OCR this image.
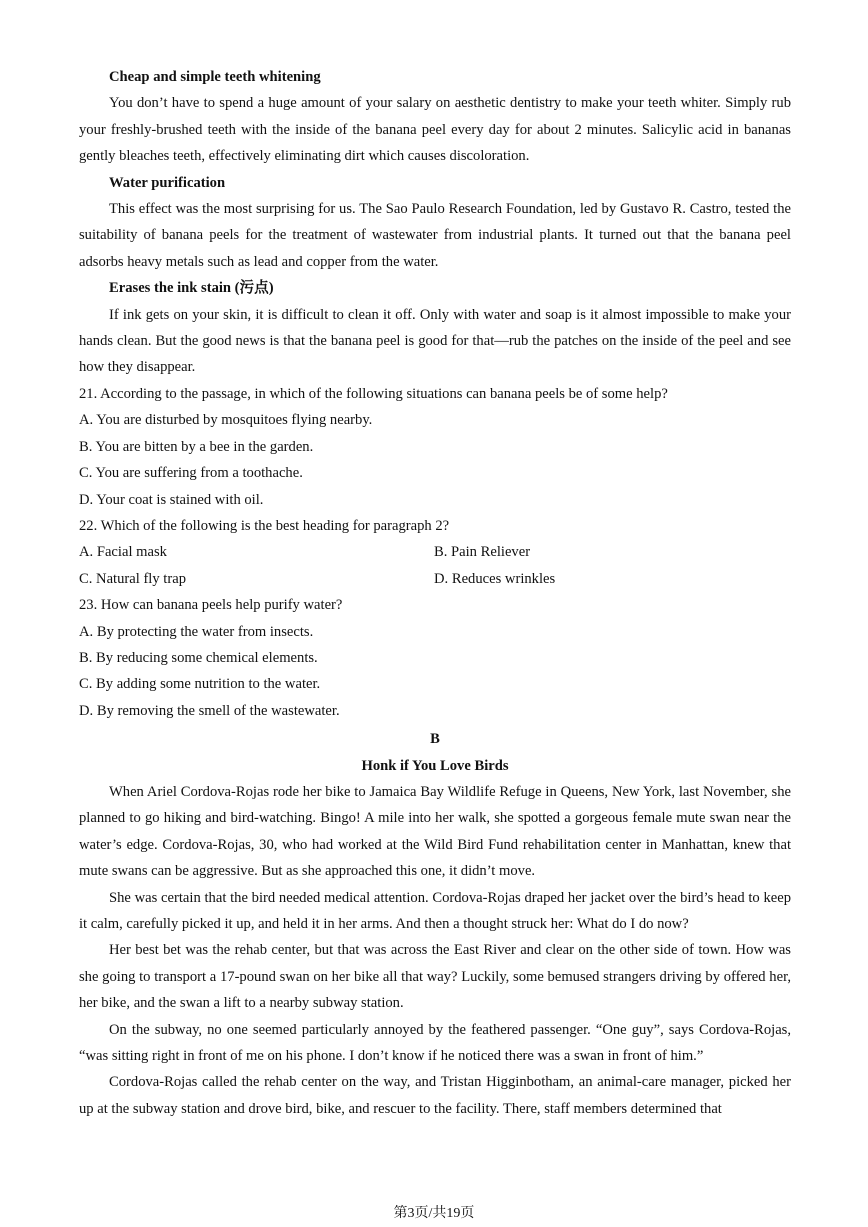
Cheap and simple teeth whitening

You don’t have to spend a huge amount of your salary on aesthetic dentistry to make your teeth whiter. Simply rub your freshly-brushed teeth with the inside of the banana peel every day for about 2 minutes. Salicylic acid in bananas gently bleaches teeth, effectively eliminating dirt which causes discoloration.

Water purification

This effect was the most surprising for us. The Sao Paulo Research Foundation, led by Gustavo R. Castro, tested the suitability of banana peels for the treatment of wastewater from industrial plants. It turned out that the banana peel adsorbs heavy metals such as lead and copper from the water.

Erases the ink stain (污点)

If ink gets on your skin, it is difficult to clean it off. Only with water and soap is it almost impossible to make your hands clean. But the good news is that the banana peel is good for that—rub the patches on the inside of the peel and see how they disappear.

21. According to the passage, in which of the following situations can banana peels be of some help?
A. You are disturbed by mosquitoes flying nearby.
B. You are bitten by a bee in the garden.
C. You are suffering from a toothache.
D. Your coat is stained with oil.
22. Which of the following is the best heading for paragraph 2?
A. Facial mask	B. Pain Reliever
C. Natural fly trap	D. Reduces wrinkles
23. How can banana peels help purify water?
A. By protecting the water from insects.
B. By reducing some chemical elements.
C. By adding some nutrition to the water.
D. By removing the smell of the wastewater.
B
Honk if You Love Birds

When Ariel Cordova-Rojas rode her bike to Jamaica Bay Wildlife Refuge in Queens, New York, last November, she planned to go hiking and bird-watching. Bingo! A mile into her walk, she spotted a gorgeous female mute swan near the water’s edge. Cordova-Rojas, 30, who had worked at the Wild Bird Fund rehabilitation center in Manhattan, knew that mute swans can be aggressive. But as she approached this one, it didn’t move.

She was certain that the bird needed medical attention. Cordova-Rojas draped her jacket over the bird’s head to keep it calm, carefully picked it up, and held it in her arms. And then a thought struck her: What do I do now?

Her best bet was the rehab center, but that was across the East River and clear on the other side of town. How was she going to transport a 17-pound swan on her bike all that way? Luckily, some bemused strangers driving by offered her, her bike, and the swan a lift to a nearby subway station.

On the subway, no one seemed particularly annoyed by the feathered passenger. “One guy”, says Cordova-Rojas, “was sitting right in front of me on his phone. I don’t know if he noticed there was a swan in front of him.”

Cordova-Rojas called the rehab center on the way, and Tristan Higginbotham, an animal-care manager, picked her up at the subway station and drove bird, bike, and rescuer to the facility. There, staff members determined that

第3页/共19页
